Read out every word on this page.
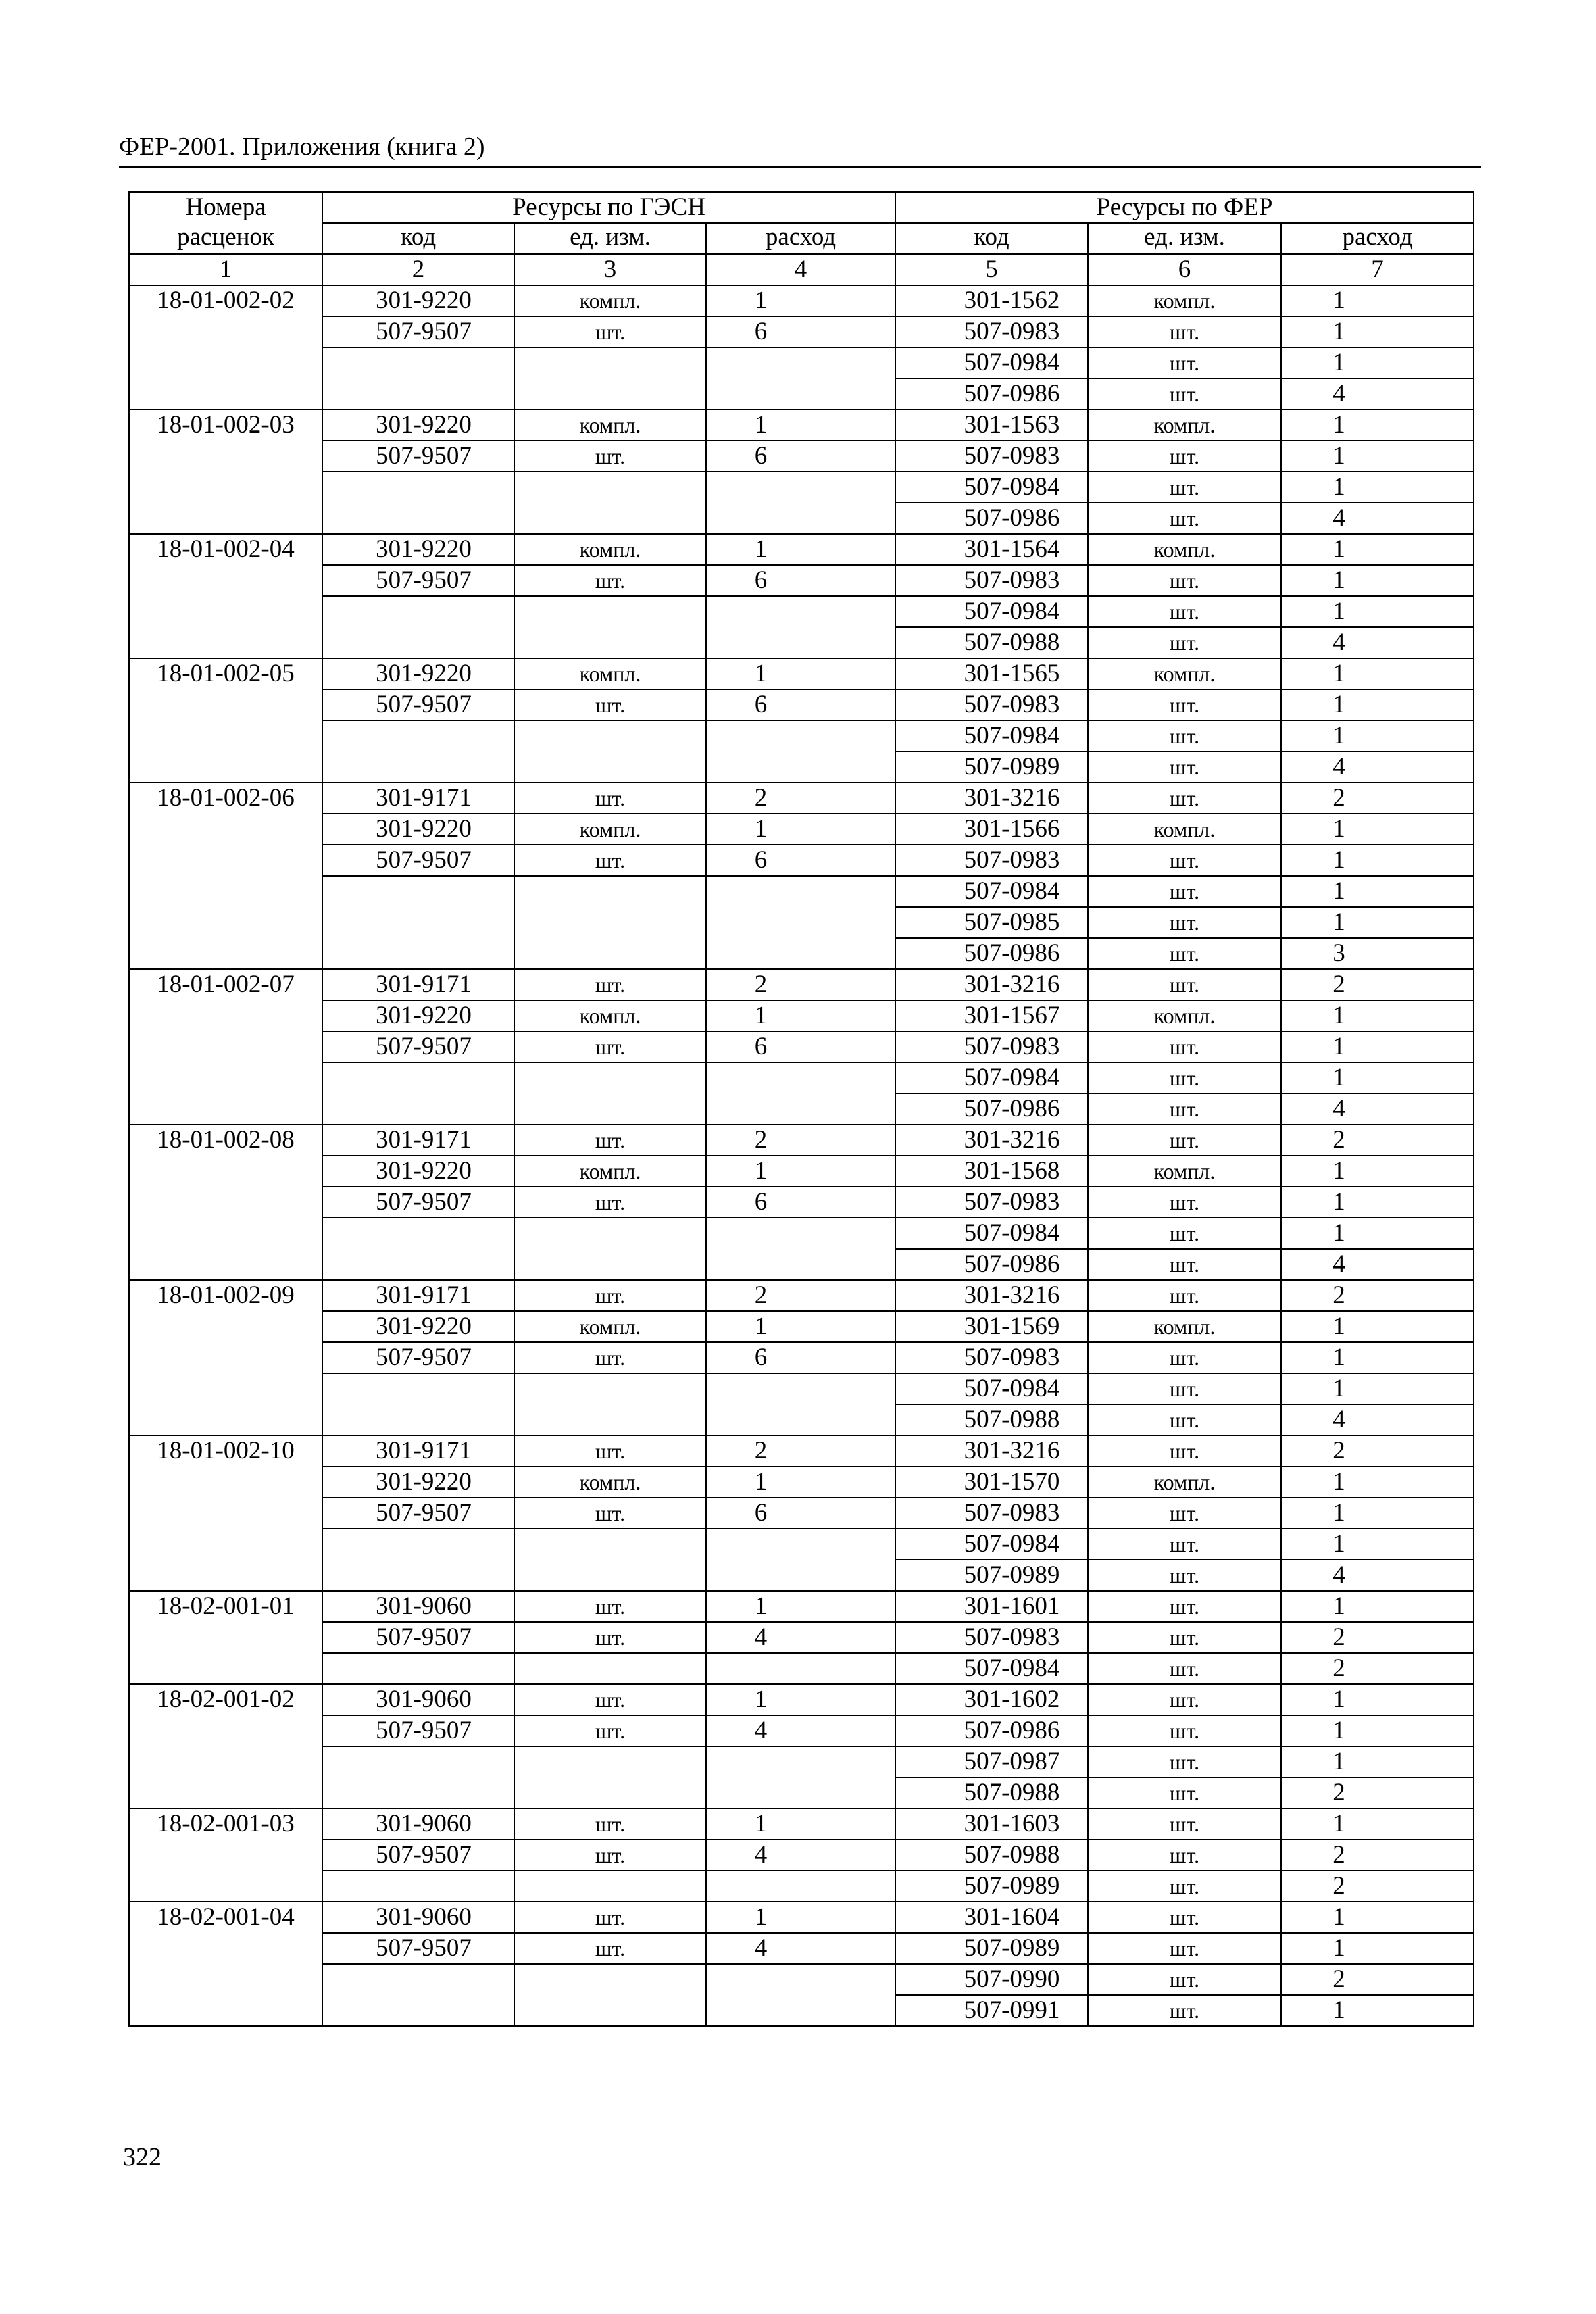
ФЕР-2001. Приложения (книга 2)
Номера расценок	Ресурсы по ГЭСН			Ресурсы по ФЕР		
	код	ед. изм.	расход	код	ед. изм.	расход
1	2	3	4	5	6	7
18-01-002-02	301-9220	компл.	1	301-1562	компл.	1
	507-9507	шт.	6	507-0983	шт.	1
				507-0984	шт.	1
				507-0986	шт.	4
18-01-002-03	301-9220	компл.	1	301-1563	компл.	1
	507-9507	шт.	6	507-0983	шт.	1
				507-0984	шт.	1
				507-0986	шт.	4
18-01-002-04	301-9220	компл.	1	301-1564	компл.	1
	507-9507	шт.	6	507-0983	шт.	1
				507-0984	шт.	1
				507-0988	шт.	4
18-01-002-05	301-9220	компл.	1	301-1565	компл.	1
	507-9507	шт.	6	507-0983	шт.	1
				507-0984	шт.	1
				507-0989	шт.	4
18-01-002-06	301-9171	шт.	2	301-3216	шт.	2
	301-9220	компл.	1	301-1566	компл.	1
	507-9507	шт.	6	507-0983	шт.	1
				507-0984	шт.	1
				507-0985	шт.	1
				507-0986	шт.	3
18-01-002-07	301-9171	шт.	2	301-3216	шт.	2
	301-9220	компл.	1	301-1567	компл.	1
	507-9507	шт.	6	507-0983	шт.	1
				507-0984	шт.	1
				507-0986	шт.	4
18-01-002-08	301-9171	шт.	2	301-3216	шт.	2
	301-9220	компл.	1	301-1568	компл.	1
	507-9507	шт.	6	507-0983	шт.	1
				507-0984	шт.	1
				507-0986	шт.	4
18-01-002-09	301-9171	шт.	2	301-3216	шт.	2
	301-9220	компл.	1	301-1569	компл.	1
	507-9507	шт.	6	507-0983	шт.	1
				507-0984	шт.	1
				507-0988	шт.	4
18-01-002-10	301-9171	шт.	2	301-3216	шт.	2
	301-9220	компл.	1	301-1570	компл.	1
	507-9507	шт.	6	507-0983	шт.	1
				507-0984	шт.	1
				507-0989	шт.	4
18-02-001-01	301-9060	шт.	1	301-1601	шт.	1
	507-9507	шт.	4	507-0983	шт.	2
				507-0984	шт.	2
18-02-001-02	301-9060	шт.	1	301-1602	шт.	1
	507-9507	шт.	4	507-0986	шт.	1
				507-0987	шт.	1
				507-0988	шт.	2
18-02-001-03	301-9060	шт.	1	301-1603	шт.	1
	507-9507	шт.	4	507-0988	шт.	2
				507-0989	шт.	2
18-02-001-04	301-9060	шт.	1	301-1604	шт.	1
	507-9507	шт.	4	507-0989	шт.	1
				507-0990	шт.	2
				507-0991	шт.	1
322
